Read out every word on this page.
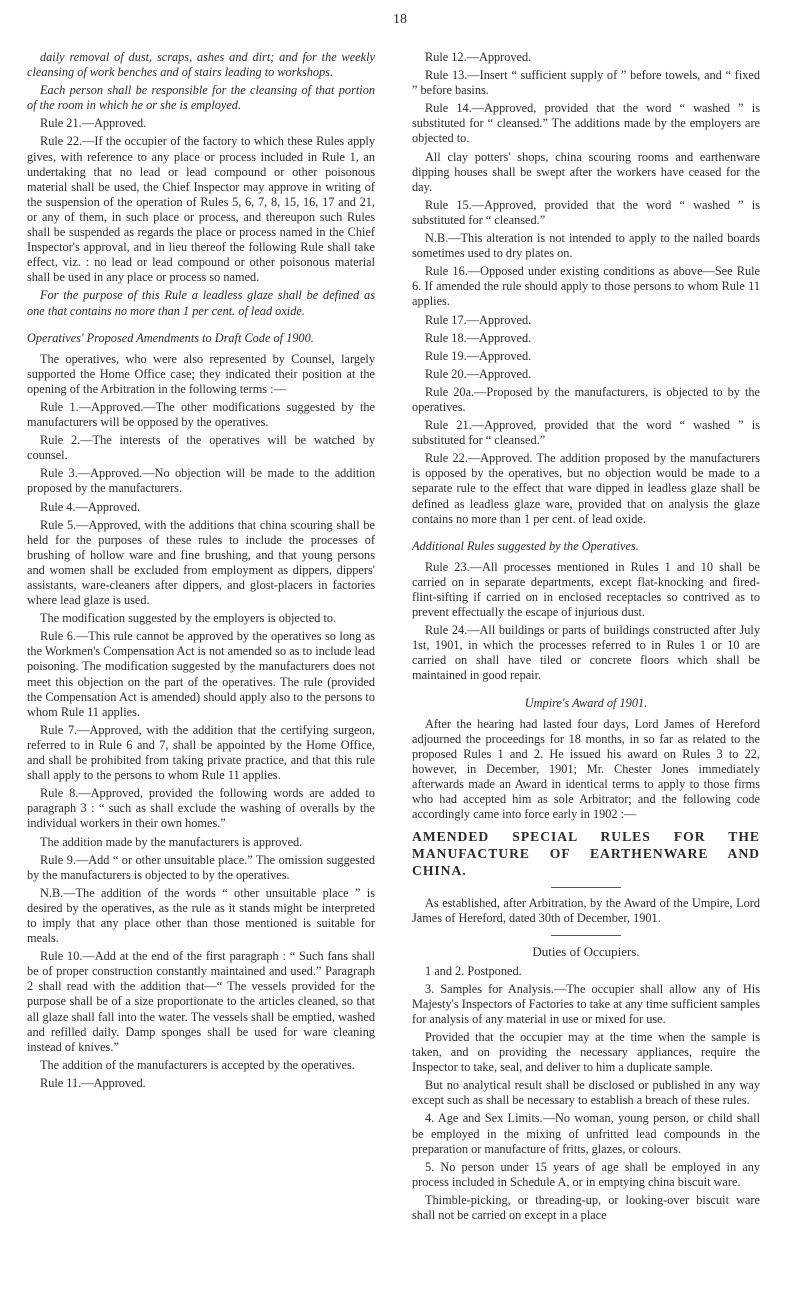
18

daily removal of dust, scraps, ashes and dirt; and for the weekly cleansing of work benches and of stairs leading to workshops.

Each person shall be responsible for the cleansing of that portion of the room in which he or she is employed.

Rule 21.—Approved.

Rule 22.—If the occupier of the factory to which these Rules apply gives, with reference to any place or process included in Rule 1, an undertaking that no lead or lead compound or other poisonous material shall be used, the Chief Inspector may approve in writing of the suspension of the operation of Rules 5, 6, 7, 8, 15, 16, 17 and 21, or any of them, in such place or process, and thereupon such Rules shall be suspended as regards the place or process named in the Chief Inspector's approval, and in lieu thereof the following Rule shall take effect, viz. : no lead or lead compound or other poisonous material shall be used in any place or process so named.

For the purpose of this Rule a leadless glaze shall be defined as one that contains no more than 1 per cent. of lead oxide.

Operatives' Proposed Amendments to Draft Code of 1900.

The operatives, who were also represented by Counsel, largely supported the Home Office case; they indicated their position at the opening of the Arbitration in the following terms :—

Rule 1.—Approved.—The other modifications suggested by the manufacturers will be opposed by the operatives.

Rule 2.—The interests of the operatives will be watched by counsel.

Rule 3.—Approved.—No objection will be made to the addition proposed by the manufacturers.

Rule 4.—Approved.

Rule 5.—Approved, with the additions that china scouring shall be held for the purposes of these rules to include the processes of brushing of hollow ware and fine brushing, and that young persons and women shall be excluded from employment as dippers, dippers' assistants, ware-cleaners after dippers, and glost-placers in factories where lead glaze is used.

The modification suggested by the employers is objected to.

Rule 6.—This rule cannot be approved by the operatives so long as the Workmen's Compensation Act is not amended so as to include lead poisoning. The modification suggested by the manufacturers does not meet this objection on the part of the operatives. The rule (provided the Compensation Act is amended) should apply also to the persons to whom Rule 11 applies.

Rule 7.—Approved, with the addition that the certifying surgeon, referred to in Rule 6 and 7, shall be appointed by the Home Office, and shall be prohibited from taking private practice, and that this rule shall apply to the persons to whom Rule 11 applies.

Rule 8.—Approved, provided the following words are added to paragraph 3 : “ such as shall exclude the washing of overalls by the individual workers in their own homes.”

The addition made by the manufacturers is approved.

Rule 9.—Add “ or other unsuitable place.” The omission suggested by the manufacturers is objected to by the operatives.

N.B.—The addition of the words “ other unsuitable place ” is desired by the operatives, as the rule as it stands might be interpreted to imply that any place other than those mentioned is suitable for meals.

Rule 10.—Add at the end of the first paragraph : “ Such fans shall be of proper construction constantly maintained and used.” Paragraph 2 shall read with the addition that—“ The vessels provided for the purpose shall be of a size proportionate to the articles cleaned, so that all glaze shall fall into the water. The vessels shall be emptied, washed and refilled daily. Damp sponges shall be used for ware cleaning instead of knives.”

The addition of the manufacturers is accepted by the operatives.

Rule 11.—Approved.

Rule 12.—Approved.

Rule 13.—Insert “ sufficient supply of ” before towels, and “ fixed ” before basins.

Rule 14.—Approved, provided that the word “ washed ” is substituted for “ cleansed.” The additions made by the employers are objected to.

All clay potters' shops, china scouring rooms and earthenware dipping houses shall be swept after the workers have ceased for the day.

Rule 15.—Approved, provided that the word “ washed ” is substituted for “ cleansed.”

N.B.—This alteration is not intended to apply to the nailed boards sometimes used to dry plates on.

Rule 16.—Opposed under existing conditions as above—See Rule 6. If amended the rule should apply to those persons to whom Rule 11 applies.

Rule 17.—Approved.

Rule 18.—Approved.

Rule 19.—Approved.

Rule 20.—Approved.

Rule 20a.—Proposed by the manufacturers, is objected to by the operatives.

Rule 21.—Approved, provided that the word “ washed ” is substituted for “ cleansed.”

Rule 22.—Approved. The addition proposed by the manufacturers is opposed by the operatives, but no objection would be made to a separate rule to the effect that ware dipped in leadless glaze shall be defined as leadless glaze ware, provided that on analysis the glaze contains no more than 1 per cent. of lead oxide.

Additional Rules suggested by the Operatives.

Rule 23.—All processes mentioned in Rules 1 and 10 shall be carried on in separate departments, except flat-knocking and fired-flint-sifting if carried on in enclosed receptacles so contrived as to prevent effectually the escape of injurious dust.

Rule 24.—All buildings or parts of buildings constructed after July 1st, 1901, in which the processes referred to in Rules 1 or 10 are carried on shall have tiled or concrete floors which shall be maintained in good repair.

Umpire's Award of 1901.

After the hearing had lasted four days, Lord James of Hereford adjourned the proceedings for 18 months, in so far as related to the proposed Rules 1 and 2. He issued his award on Rules 3 to 22, however, in December, 1901; Mr. Chester Jones immediately afterwards made an Award in identical terms to apply to those firms who had accepted him as sole Arbitrator; and the following code accordingly came into force early in 1902 :—

AMENDED SPECIAL RULES FOR THE MANUFACTURE OF EARTHENWARE AND CHINA.

As established, after Arbitration, by the Award of the Umpire, Lord James of Hereford, dated 30th of December, 1901.

Duties of Occupiers.

1 and 2. Postponed.

3. Samples for Analysis.—The occupier shall allow any of His Majesty's Inspectors of Factories to take at any time sufficient samples for analysis of any material in use or mixed for use.

Provided that the occupier may at the time when the sample is taken, and on providing the necessary appliances, require the Inspector to take, seal, and deliver to him a duplicate sample.

But no analytical result shall be disclosed or published in any way except such as shall be necessary to establish a breach of these rules.

4. Age and Sex Limits.—No woman, young person, or child shall be employed in the mixing of unfritted lead compounds in the preparation or manufacture of fritts, glazes, or colours.

5. No person under 15 years of age shall be employed in any process included in Schedule A, or in emptying china biscuit ware.

Thimble-picking, or threading-up, or looking-over biscuit ware shall not be carried on except in a place
